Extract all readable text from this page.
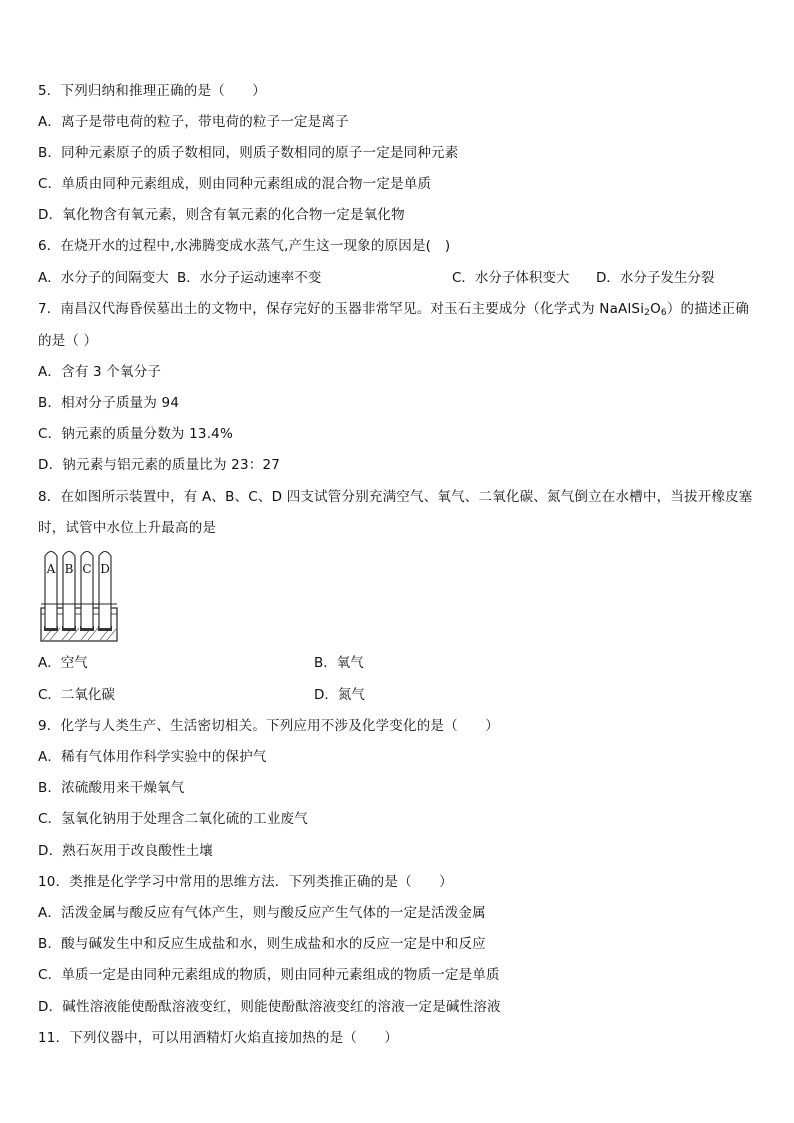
5．下列归纳和推理正确的是（　　）
A．离子是带电荷的粒子，带电荷的粒子一定是离子
B．同种元素原子的质子数相同，则质子数相同的原子一定是同种元素
C．单质由同种元素组成，则由同种元素组成的混合物一定是单质
D．氧化物含有氧元素，则含有氧元素的化合物一定是氧化物
6．在烧开水的过程中,水沸腾变成水蒸气,产生这一现象的原因是(　)
A．水分子的间隔变大 B．水分子运动速率不变	C．水分子体积变大 D．水分子发生分裂
7．南昌汉代海昏侯墓出土的文物中，保存完好的玉器非常罕见。对玉石主要成分（化学式为 $NaAlSi_2O_6$）的描述正确
的是（ ）
A．含有 3 个氧分子
B．相对分子质量为 94
C．钠元素的质量分数为 13.4%
D．钠元素与铝元素的质量比为 23：27
8．在如图所示装置中，有 A、B、C、D 四支试管分别充满空气、氧气、二氧化碳、氮气倒立在水槽中，当拔开橡皮塞
时，试管中水位上升最高的是
A B C D
A．空气	B．氧气
C．二氧化碳	D．氮气
9．化学与人类生产、生活密切相关。下列应用不涉及化学变化的是（　　）
A．稀有气体用作科学实验中的保护气
B．浓硫酸用来干燥氧气
C．氢氧化钠用于处理含二氧化硫的工业废气
D．熟石灰用于改良酸性土壤
10．类推是化学学习中常用的思维方法．下列类推正确的是（　　）
A．活泼金属与酸反应有气体产生，则与酸反应产生气体的一定是活泼金属
B．酸与碱发生中和反应生成盐和水，则生成盐和水的反应一定是中和反应
C．单质一定是由同种元素组成的物质，则由同种元素组成的物质一定是单质
D．碱性溶液能使酚酞溶液变红，则能使酚酞溶液变红的溶液一定是碱性溶液
11．下列仪器中，可以用酒精灯火焰直接加热的是（　　）
